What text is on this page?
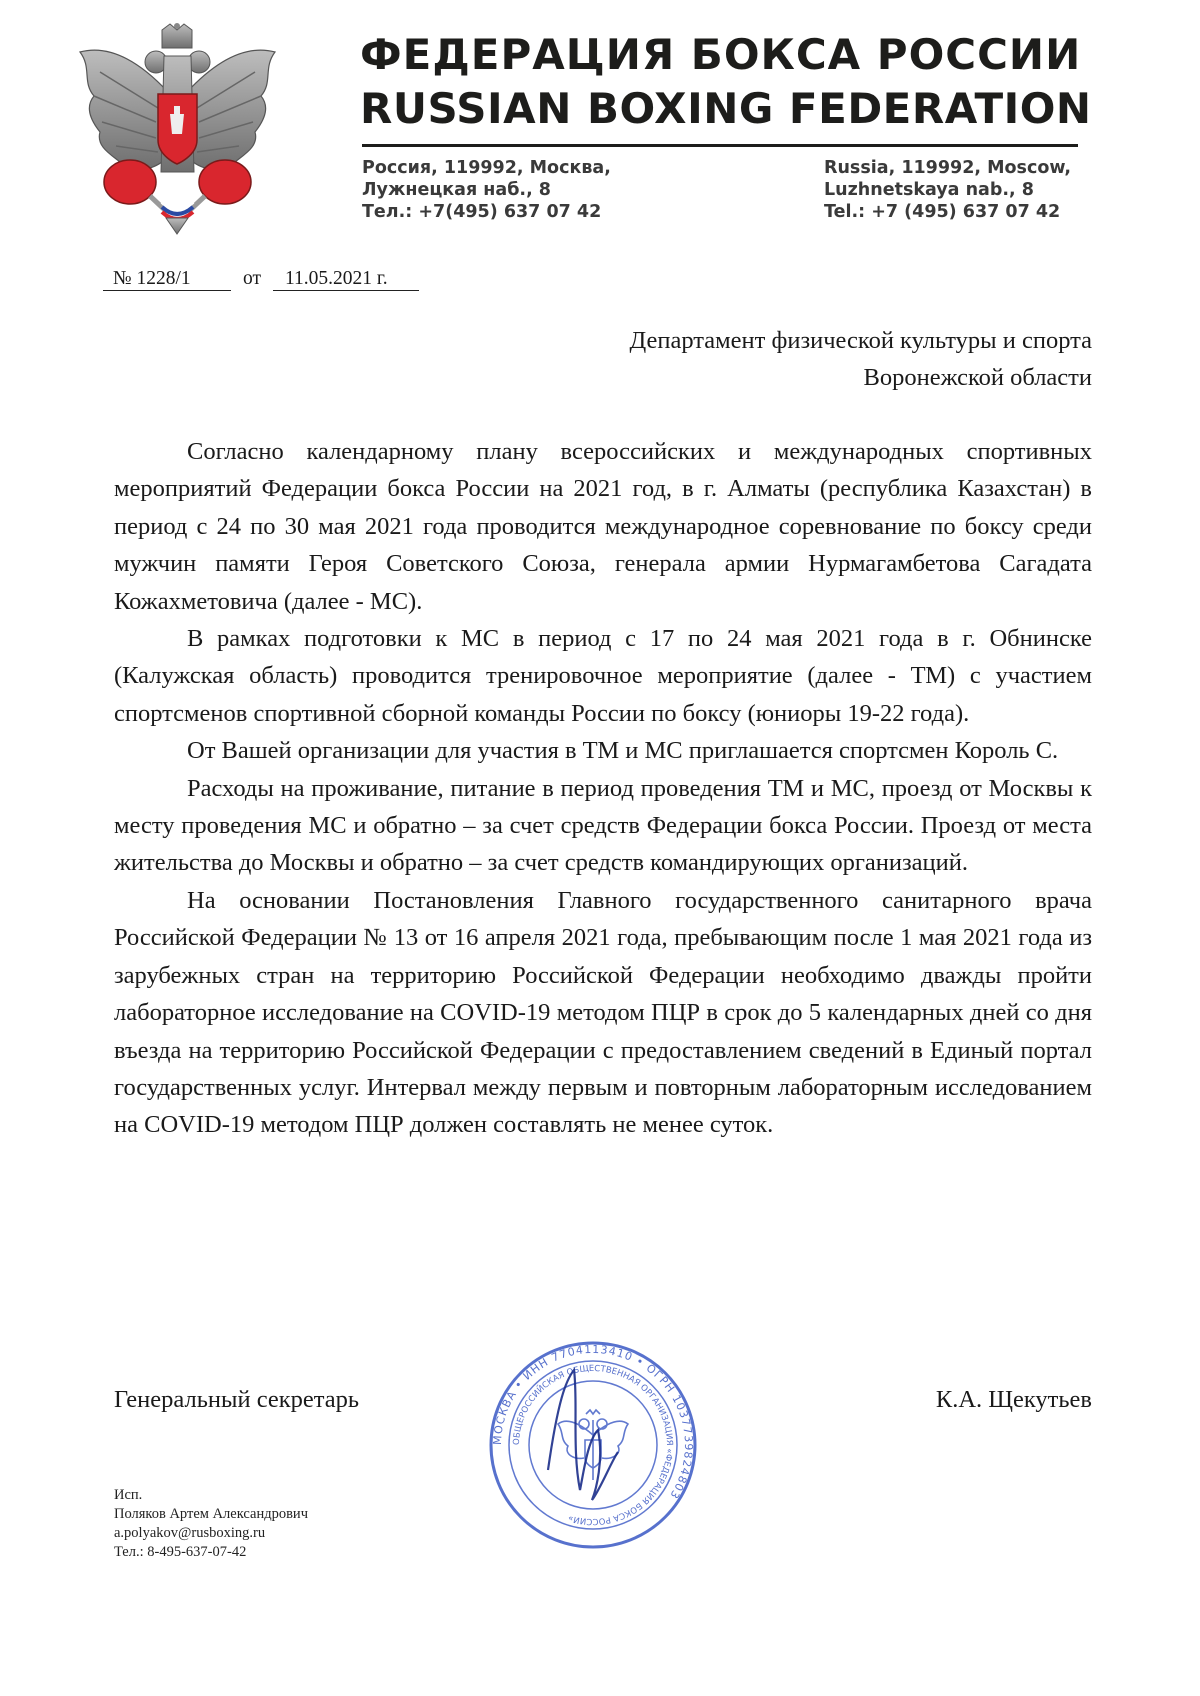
ФЕДЕРАЦИЯ БОКСА РОССИИ
RUSSIAN BOXING FEDERATION
Россия, 119992, Москва,
Лужнецкая наб., 8
Тел.: +7(495) 637 07 42
Russia, 119992, Moscow,
Luzhnetskaya nab., 8
Tel.: +7 (495) 637 07 42
№ 1228/1	от 11.05.2021 г.
Департамент физической культуры и спорта
Воронежской области

Согласно календарному плану всероссийских и международных спортивных мероприятий Федерации бокса России на 2021 год, в г. Алматы (республика Казахстан) в период с 24 по 30 мая 2021 года проводится международное соревнование по боксу среди мужчин памяти Героя Советского Союза, генерала армии Нурмагамбетова Сагадата Кожахметовича (далее - МС).

В рамках подготовки к МС в период с 17 по 24 мая 2021 года в г. Обнинске (Калужская область) проводится тренировочное мероприятие (далее - ТМ) с участием спортсменов спортивной сборной команды России по боксу (юниоры 19-22 года).

От Вашей организации для участия в ТМ и МС приглашается спортсмен Король С.

Расходы на проживание, питание в период проведения ТМ и МС, проезд от Москвы к месту проведения МС и обратно – за счет средств Федерации бокса России. Проезд от места жительства до Москвы и обратно – за счет средств командирующих организаций.

На основании Постановления Главного государственного санитарного врача Российской Федерации № 13 от 16 апреля 2021 года, пребывающим после 1 мая 2021 года из зарубежных стран на территорию Российской Федерации необходимо дважды пройти лабораторное исследование на COVID-19 методом ПЦР в срок до 5 календарных дней со дня въезда на территорию Российской Федерации с предоставлением сведений в Единый портал государственных услуг. Интервал между первым и повторным лабораторным исследованием на COVID-19 методом ПЦР должен составлять не менее суток.

Генеральный секретарь	К.А. Щекутьев
МОСКВА • ИНН 7704113410 • ОГРН 1037739824803
ОБЩЕРОССИЙСКАЯ ОБЩЕСТВЕННАЯ ОРГАНИЗАЦИЯ «ФЕДЕРАЦИЯ БОКСА РОССИИ»
Исп.
Поляков Артем Александрович
a.polyakov@rusboxing.ru
Тел.: 8-495-637-07-42
